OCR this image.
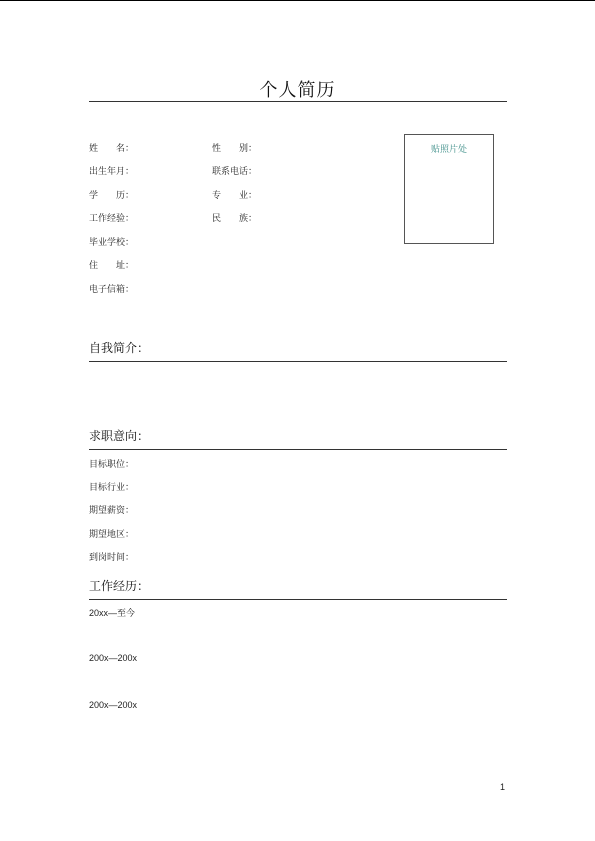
个人简历
姓　　名：	性　　别：
出生年月：	联系电话：
学　　历：	专　　业：
工作经验：	民　　族：
毕业学校：
住　　址：
电子信箱：
贴照片处
自我简介：
求职意向：
目标职位：
目标行业：
期望薪资：
期望地区：
到岗时间：
工作经历：
20xx—至今
200x—200x
200x—200x
1
